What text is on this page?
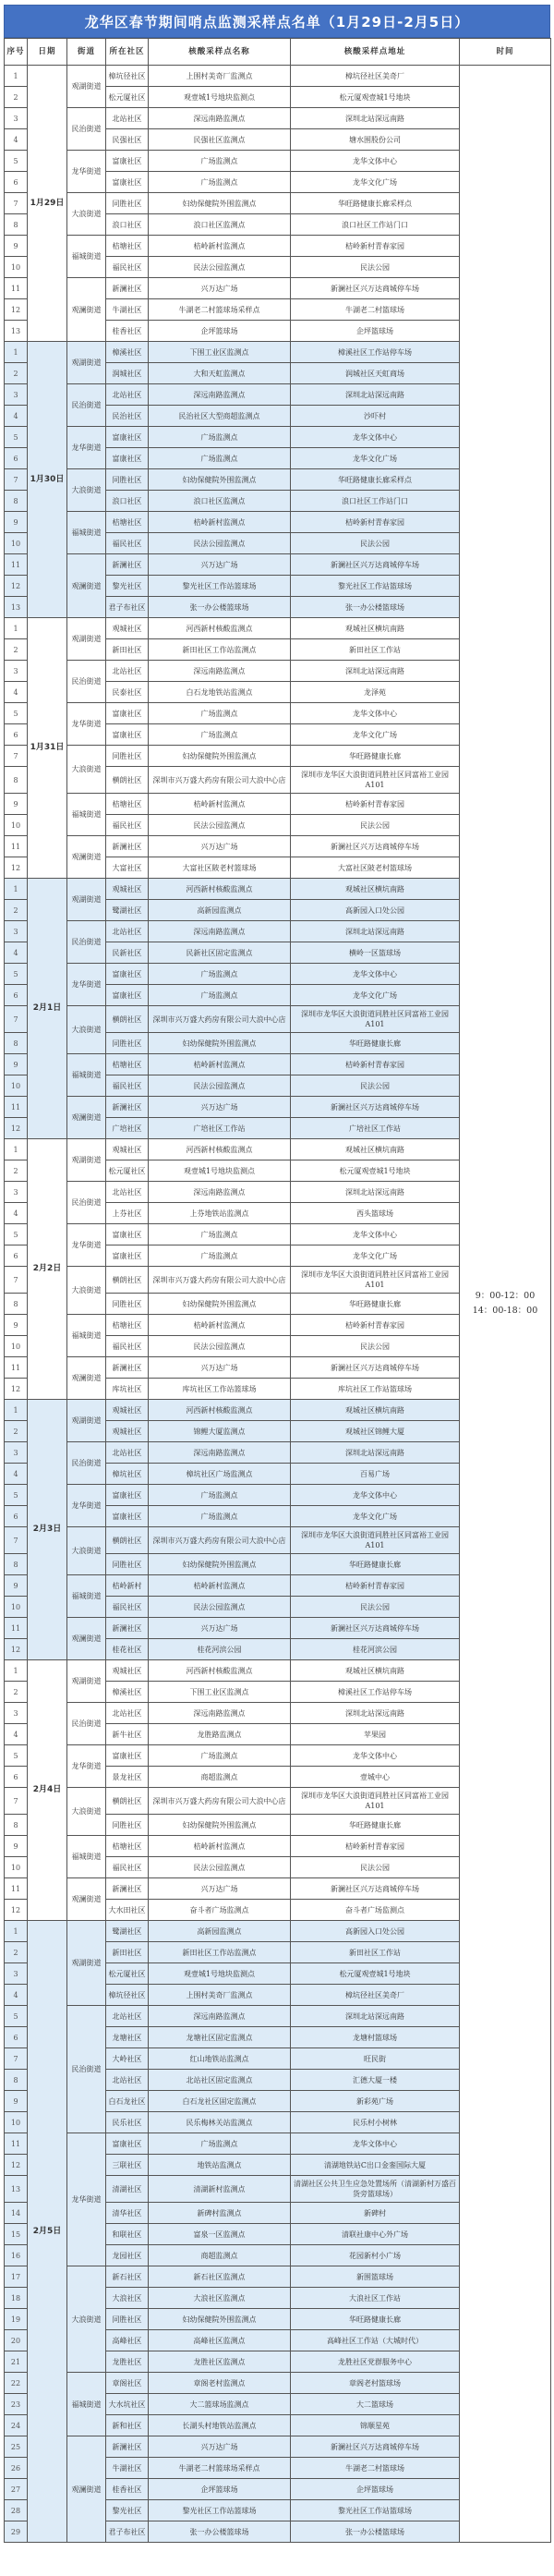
龙华区春节期间哨点监测采样点名单（1月29日-2月5日）
序号	日期	街道	所在社区	核酸采样点名称	核酸采样点地址	时间
1	1月29日	观湖街道	樟坑径社区	上围村美奇厂监测点	樟坑径社区美奇厂	9：00-12：00
14：00-18：00

2			松元厦社区	观壹城1号地块监测点	松元厦观壹城1号地块	
3		民治街道	北站社区	深远南路监测点	深圳北站深远南路	
4			民强社区	民强社区监测点	塘水围股份公司	
5		龙华街道	富康社区	广场监测点	龙华文体中心	
6			富康社区	广场监测点	龙华文化广场	
7		大浪街道	同胜社区	妇幼保健院外围监测点	华旺路健康长廊采样点	
8			浪口社区	浪口社区监测点	浪口社区工作站门口	
9		福城街道	桔塘社区	桔岭新村监测点	桔岭新村青春家园	
10			福民社区	民法公园监测点	民法公园	
11		观澜街道	新澜社区	兴万达广场	新澜社区兴万达商城停车场	
12			牛湖社区	牛湖老二村篮球场采样点	牛湖老二村篮球场	
13			桂香社区	企坪篮球场	企坪篮球场	
1	1月30日	观湖街道	樟溪社区	下围工业区监测点	樟溪社区工作站停车场	
2			润城社区	大和天虹监测点	润城社区天虹商场	
3		民治街道	北站社区	深远南路监测点	深圳北站深远南路	
4			民治社区	民治社区大型商超监测点	沙吓村	
5		龙华街道	富康社区	广场监测点	龙华文体中心	
6			富康社区	广场监测点	龙华文化广场	
7		大浪街道	同胜社区	妇幼保健院外围监测点	华旺路健康长廊采样点	
8			浪口社区	浪口社区监测点	浪口社区工作站门口	
9		福城街道	桔塘社区	桔岭新村监测点	桔岭新村青春家园	
10			福民社区	民法公园监测点	民法公园	
11		观澜街道	新澜社区	兴万达广场	新澜社区兴万达商城停车场	
12			黎光社区	黎光社区工作站篮球场	黎光社区工作站篮球场	
13			君子布社区	张一办公楼篮球场	张一办公楼篮球场	
1	1月31日	观湖街道	观城社区	河西新村核酸监测点	观城社区横坑南路	
2			新田社区	新田社区工作站监测点	新田社区工作站	
3		民治街道	北站社区	深远南路监测点	深圳北站深远南路	
4			民泰社区	白石龙地铁站监测点	龙泽苑	
5		龙华街道	富康社区	广场监测点	龙华文体中心	
6			富康社区	广场监测点	龙华文化广场	
7		大浪街道	同胜社区	妇幼保健院外围监测点	华旺路健康长廊	
8			横朗社区	深圳市兴万盛大药房有限公司大浪中心店	深圳市龙华区大浪街道同胜社区同富裕工业园A101	
9		福城街道	桔塘社区	桔岭新村监测点	桔岭新村青春家园	
10			福民社区	民法公园监测点	民法公园	
11		观澜街道	新澜社区	兴万达广场	新澜社区兴万达商城停车场	
12			大富社区	大富社区陂老村篮球场	大富社区陂老村篮球场	
1	2月1日	观湖街道	观城社区	河西新村核酸监测点	观城社区横坑南路	
2			鹭湖社区	高新园监测点	高新园入口处公园	
3		民治街道	北站社区	深远南路监测点	深圳北站深远南路	
4			民新社区	民新社区固定监测点	横岭一区篮球场	
5		龙华街道	富康社区	广场监测点	龙华文体中心	
6			富康社区	广场监测点	龙华文化广场	
7		大浪街道	横朗社区	深圳市兴万盛大药房有限公司大浪中心店	深圳市龙华区大浪街道同胜社区同富裕工业园A101	
8			同胜社区	妇幼保健院外围监测点	华旺路健康长廊	
9		福城街道	桔塘社区	桔岭新村监测点	桔岭新村青春家园	
10			福民社区	民法公园监测点	民法公园	
11		观澜街道	新澜社区	兴万达广场	新澜社区兴万达商城停车场	
12			广培社区	广培社区工作站	广培社区工作站	
1	2月2日	观湖街道	观城社区	河西新村核酸监测点	观城社区横坑南路	
2			松元厦社区	观壹城1号地块监测点	松元厦观壹城1号地块	
3		民治街道	北站社区	深远南路监测点	深圳北站深远南路	
4			上芬社区	上芬地铁站监测点	西头篮球场	
5		龙华街道	富康社区	广场监测点	龙华文体中心	
6			富康社区	广场监测点	龙华文化广场	
7		大浪街道	横朗社区	深圳市兴万盛大药房有限公司大浪中心店	深圳市龙华区大浪街道同胜社区同富裕工业园A101	
8			同胜社区	妇幼保健院外围监测点	华旺路健康长廊	
9		福城街道	桔塘社区	桔岭新村监测点	桔岭新村青春家园	
10			福民社区	民法公园监测点	民法公园	
11		观澜街道	新澜社区	兴万达广场	新澜社区兴万达商城停车场	
12			库坑社区	库坑社区工作站篮球场	库坑社区工作站篮球场	
1	2月3日	观湖街道	观城社区	河西新村核酸监测点	观城社区横坑南路	
2			观城社区	锦鲤大厦监测点	观城社区锦鲤大厦	
3		民治街道	北站社区	深远南路监测点	深圳北站深远南路	
4			樟坑社区	樟坑社区广场监测点	百易广场	
5		龙华街道	富康社区	广场监测点	龙华文体中心	
6			富康社区	广场监测点	龙华文化广场	
7		大浪街道	横朗社区	深圳市兴万盛大药房有限公司大浪中心店	深圳市龙华区大浪街道同胜社区同富裕工业园A101	
8			同胜社区	妇幼保健院外围监测点	华旺路健康长廊	
9		福城街道	桔岭新村	桔岭新村监测点	桔岭新村青春家园	
10			福民社区	民法公园监测点	民法公园	
11		观澜街道	新澜社区	兴万达广场	新澜社区兴万达商城停车场	
12			桂花社区	桂花河滨公园	桂花河滨公园	
1	2月4日	观湖街道	观城社区	河西新村核酸监测点	观城社区横坑南路	
2			樟溪社区	下围工业区监测点	樟溪社区工作站停车场	
3		民治街道	北站社区	深远南路监测点	深圳北站深远南路	
4			新牛社区	龙胜路监测点	苹果园	
5		龙华街道	富康社区	广场监测点	龙华文体中心	
6			景龙社区	商超监测点	壹城中心	
7		大浪街道	横朗社区	深圳市兴万盛大药房有限公司大浪中心店	深圳市龙华区大浪街道同胜社区同富裕工业园A101	
8			同胜社区	妇幼保健院外围监测点	华旺路健康长廊	
9		福城街道	桔塘社区	桔岭新村监测点	桔岭新村青春家园	
10			福民社区	民法公园监测点	民法公园	
11		观澜街道	新澜社区	兴万达广场	新澜社区兴万达商城停车场	
12			大水田社区	奋斗者广场监测点	奋斗者广场监测点	
1	2月5日	观湖街道	鹭湖社区	高新园监测点	高新园入口处公园	
2			新田社区	新田社区工作站监测点	新田社区工作站	
3			松元厦社区	观壹城1号地块监测点	松元厦观壹城1号地块	
4			樟坑径社区	上围村美奇厂监测点	樟坑径社区美奇厂	
5		民治街道	北站社区	深远南路监测点	深圳北站深远南路	
6			龙塘社区	龙塘社区固定监测点	龙塘村篮球场	
7			大岭社区	红山地铁站监测点	旺民街	
8			北站社区	北站社区固定监测点	汇德大厦一楼	
9			白石龙社区	白石龙社区固定监测点	新彩苑广场	
10			民乐社区	民乐梅林关站监测点	民乐村小树林	
11		龙华街道	富康社区	广场监测点	龙华文体中心	
12			三联社区	地铁站监测点	清湖地铁站C出口金銮国际大厦	
13			清湖社区	清湖新村监测点	清湖社区公共卫生应急处置场所（清湖新村万盛百货旁篮球场）	
14			清华社区	新碑村监测点	新碑村	
15			和联社区	富泉一区监测点	清联社康中心外广场	
16			龙园社区	商超监测点	花园新村小广场	
17		大浪街道	新石社区	新石社区监测点	新围篮球场	
18			大浪社区	大浪社区监测点	大浪社区工作站	
19			同胜社区	妇幼保健院外围监测点	华旺路健康长廊	
20			高峰社区	高峰社区监测点	高峰社区工作站（大城时代）	
21			龙胜社区	龙胜社区监测点	龙胜社区党群服务中心	
22		福城街道	章阁社区	章阁老村监测点	章阁老村篮球场	
23			大水坑社区	大二篮球场监测点	大二篮球场	
24			新和社区	长湖头村地铁站监测点	锦顺星苑	
25		观澜街道	新澜社区	兴万达广场	新澜社区兴万达商城停车场	
26			牛湖社区	牛湖老二村篮球场采样点	牛湖老二村篮球场	
27			桂香社区	企坪篮球场	企坪篮球场	
28			黎光社区	黎光社区工作站篮球场	黎光社区工作站篮球场	
29			君子布社区	张一办公楼篮球场	张一办公楼篮球场	
